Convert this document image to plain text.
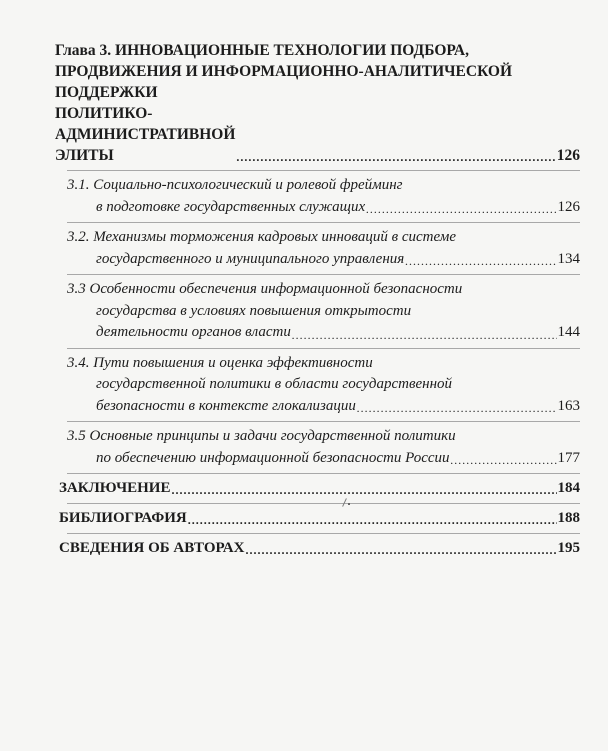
Глава 3. ИННОВАЦИОННЫЕ ТЕХНОЛОГИИ ПОДБОРА,
ПРОДВИЖЕНИЯ И ИНФОРМАЦИОННО-АНАЛИТИЧЕСКОЙ
ПОДДЕРЖКИ ПОЛИТИКО-АДМИНИСТРАТИВНОЙ ЭЛИТЫ .....	126
3.1. Социально-психологический и ролевой фрейминг
в подготовке государственных служащих .....	126
3.2. Механизмы торможения кадровых инноваций в системе
государственного и муниципального управления .....	134
3.3 Особенности обеспечения информационной безопасности
государства в условиях повышения открытости
деятельности органов власти .....	144
3.4. Пути повышения и оценка эффективности
государственной политики в области государственной
безопасности в контексте глокализации .....	163
3.5 Основные принципы и задачи государственной политики
по обеспечению информационной безопасности России .....	177
ЗАКЛЮЧЕНИЕ .....	184
БИБЛИОГРАФИЯ .....	188
СВЕДЕНИЯ ОБ АВТОРАХ .....	195
